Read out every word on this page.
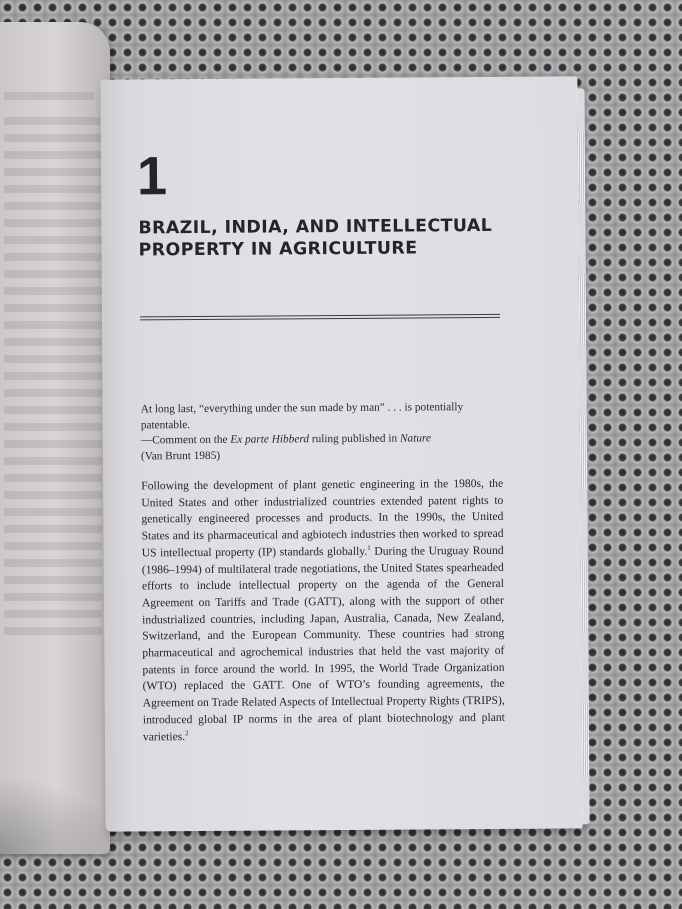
1
BRAZIL, INDIA, AND INTELLECTUAL PROPERTY IN AGRICULTURE

At long last, “everything under the sun made by man” . . . is potentially patentable.

—Comment on the Ex parte Hibberd ruling published in Nature

(Van Brunt 1985)

Following the development of plant genetic engineering in the 1980s, the United States and other industrialized countries extended patent rights to genetically engineered processes and products. In the 1990s, the United States and its pharmaceutical and agbiotech industries then worked to spread US intellectual property (IP) standards globally.$^1$ During the Uruguay Round (1986–1994) of multilateral trade negotiations, the United States spearheaded efforts to include intellectual property on the agenda of the General Agreement on Tariffs and Trade (GATT), along with the support of other industrialized countries, including Japan, Australia, Canada, New Zealand, Switzerland, and the European Community. These countries had strong pharmaceutical and agrochemical industries that held the vast majority of patents in force around the world. In 1995, the World Trade Organization (WTO) replaced the GATT. One of WTO’s founding agreements, the Agreement on Trade Related Aspects of Intellectual Property Rights (TRIPS), introduced global IP norms in the area of plant biotechnology and plant varieties.$^2$
